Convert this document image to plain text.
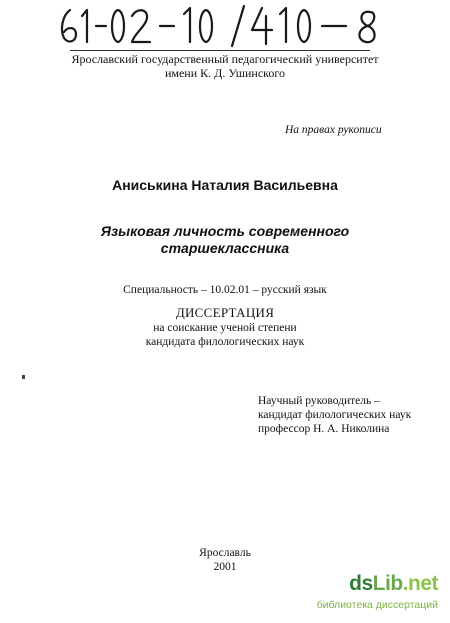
Ярославский государственный педагогический университет
имени К. Д. Ушинского
На правах рукописи
Аниськина Наталия Васильевна
Языковая личность современного
старшеклассника
Специальность – 10.02.01 – русский язык
ДИССЕРТАЦИЯ
на соискание ученой степени
кандидата филологических наук
Научный руководитель –
кандидат филологических наук
профессор Н. А. Николина
Ярославль
2001
dsLib.net
библиотека диссертаций
